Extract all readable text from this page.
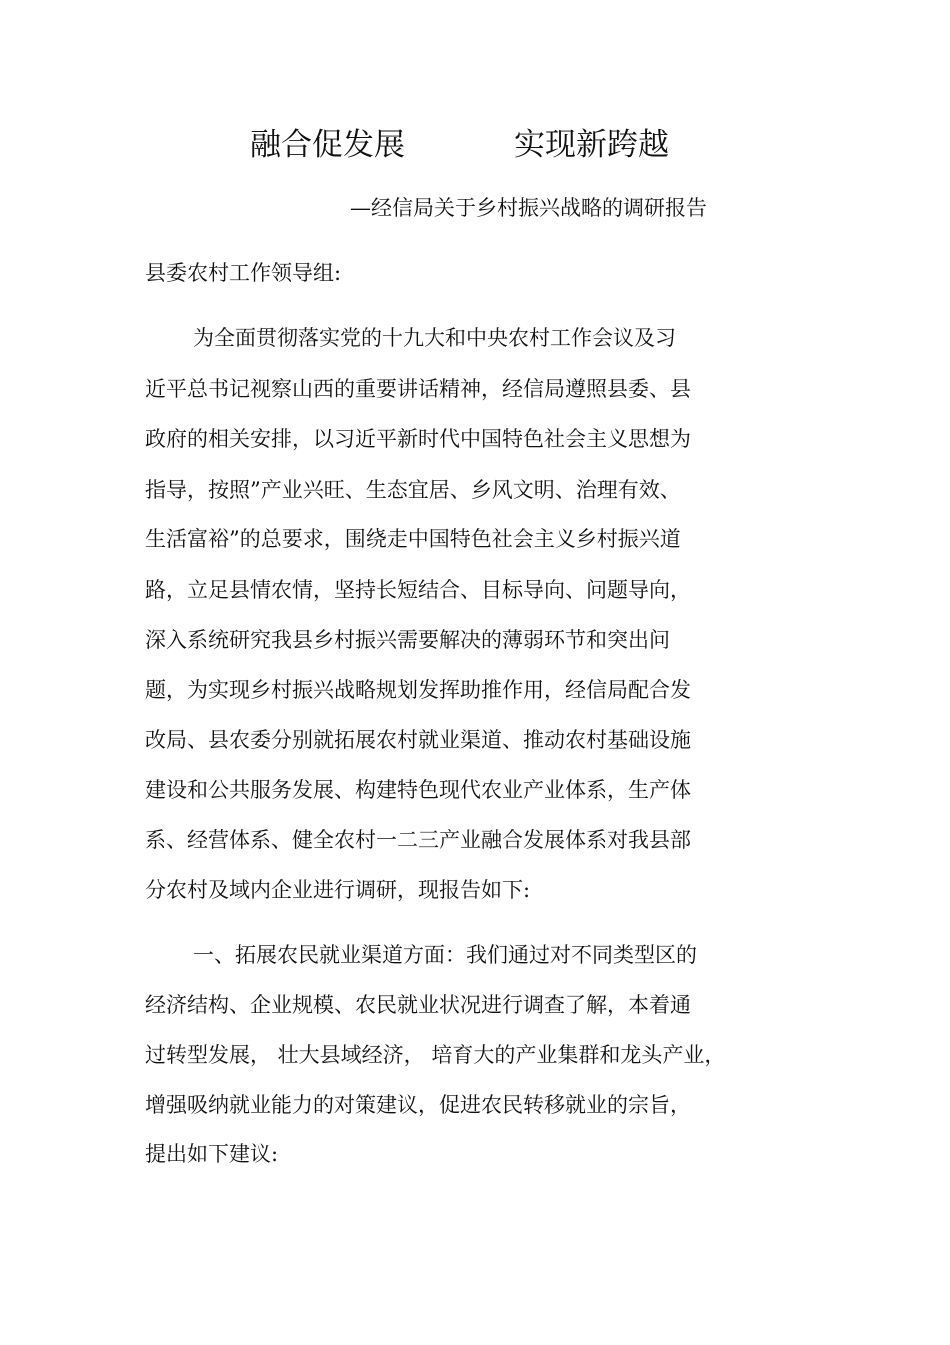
融合促发展	实现新跨越
—经信局关于乡村振兴战略的调研报告
县委农村工作领导组:
为全面贯彻落实党的十九大和中央农村工作会议及习
近平总书记视察山西的重要讲话精神，经信局遵照县委、县
政府的相关安排，以习近平新时代中国特色社会主义思想为
指导，按照”产业兴旺、生态宜居、乡风文明、治理有效、
生活富裕”的总要求，围绕走中国特色社会主义乡村振兴道
路，立足县情农情，坚持长短结合、目标导向、问题导向，
深入系统研究我县乡村振兴需要解决的薄弱环节和突出问
题，为实现乡村振兴战略规划发挥助推作用，经信局配合发
改局、县农委分别就拓展农村就业渠道、推动农村基础设施
建设和公共服务发展、构建特色现代农业产业体系，生产体
系、经营体系、健全农村一二三产业融合发展体系对我县部
分农村及域内企业进行调研，现报告如下:
一、拓展农民就业渠道方面：我们通过对不同类型区的
经济结构、企业规模、农民就业状况进行调查了解，本着通
过转型发展， 壮大县域经济， 培育大的产业集群和龙头产业，
增强吸纳就业能力的对策建议，促进农民转移就业的宗旨，
提出如下建议:
